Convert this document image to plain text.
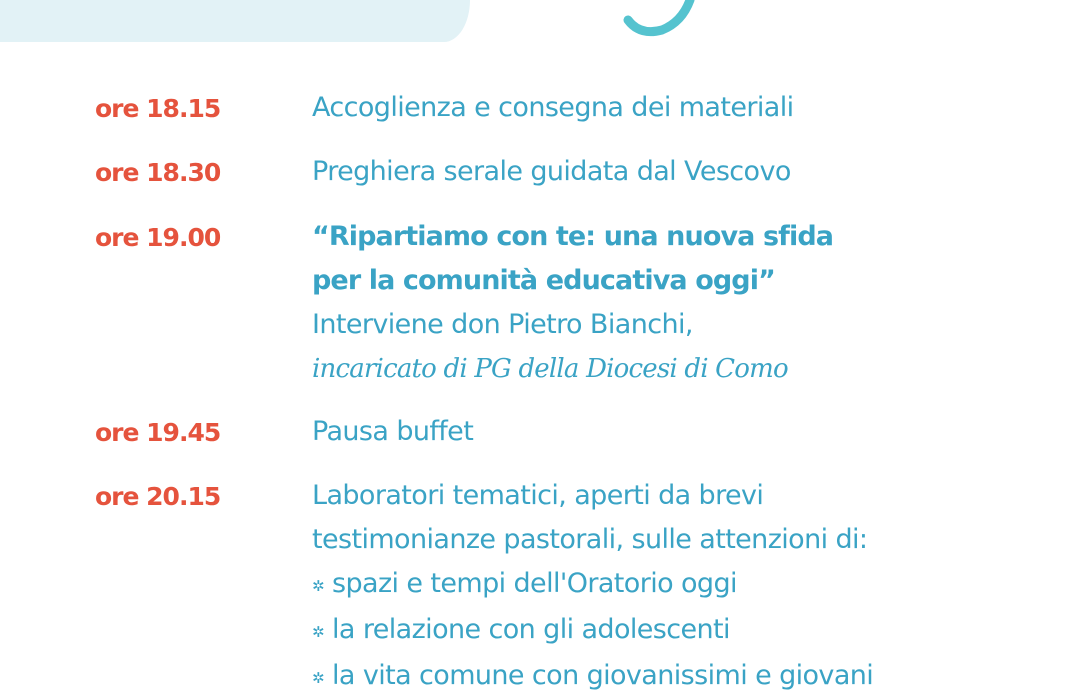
ore 18.15	Accoglienza e consegna dei materiali
ore 18.30	Preghiera serale guidata dal Vescovo
ore 19.00	“Ripartiamo con te: una nuova sfida
per la comunità educativa oggi”
Interviene don Pietro Bianchi,
incaricato di PG della Diocesi di Como
ore 19.45	Pausa buffet
ore 20.15	Laboratori tematici, aperti da brevi
testimonianze pastorali, sulle attenzioni di:
✲ spazi e tempi dell'Oratorio oggi
✲ la relazione con gli adolescenti
✲ la vita comune con giovanissimi e giovani
